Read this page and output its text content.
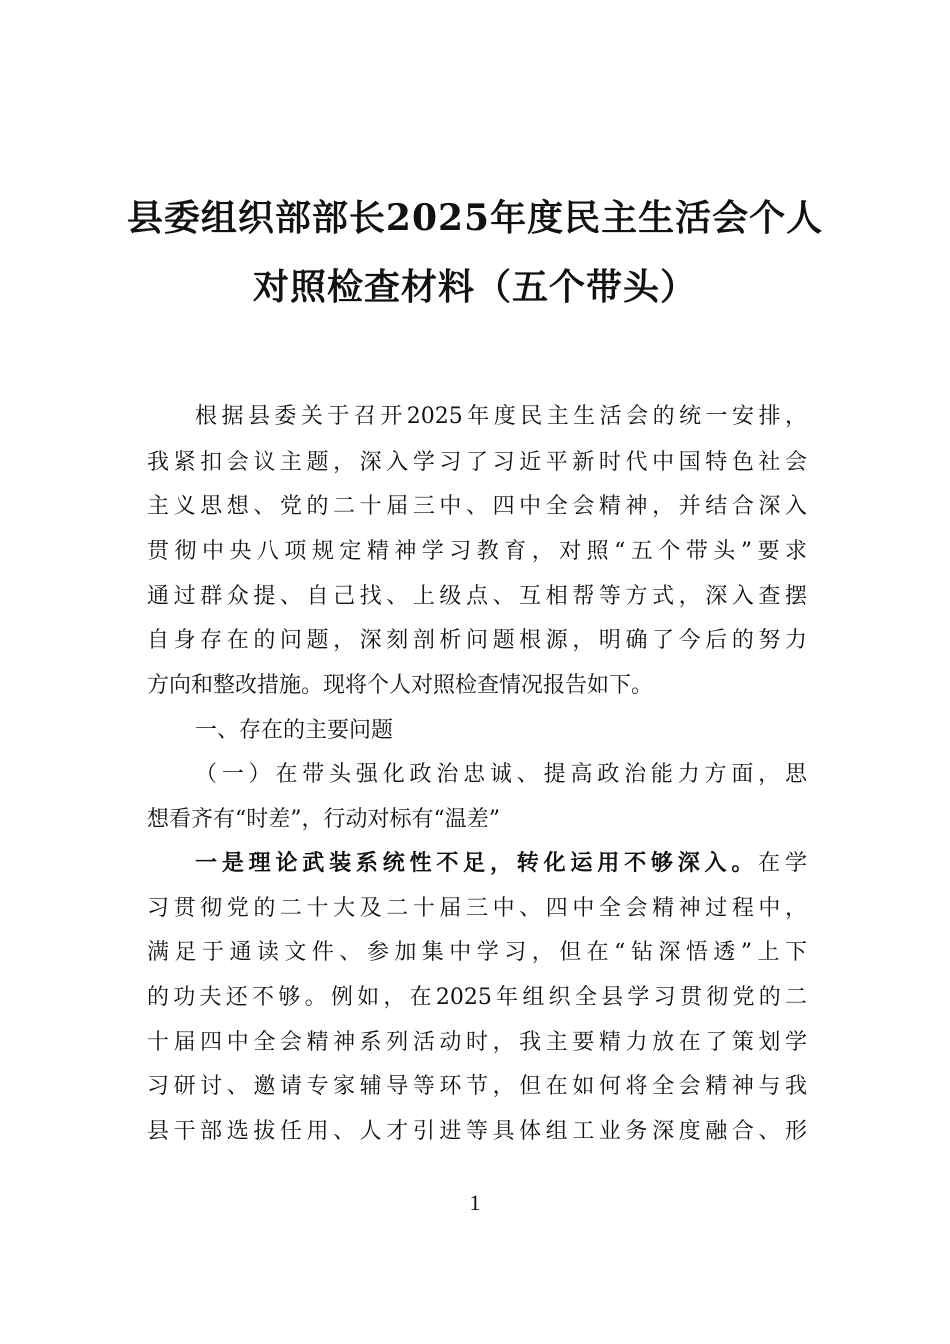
县委组织部部长2025年度民主生活会个人
对照检查材料（五个带头）
根据县委关于召开2025年度民主生活会的统一安排，
我紧扣会议主题，深入学习了习近平新时代中国特色社会
主义思想、党的二十届三中、四中全会精神，并结合深入
贯彻中央八项规定精神学习教育，对照“五个带头”要求
通过群众提、自己找、上级点、互相帮等方式，深入查摆
自身存在的问题，深刻剖析问题根源，明确了今后的努力
方向和整改措施。现将个人对照检查情况报告如下。
一、存在的主要问题
（一）在带头强化政治忠诚、提高政治能力方面，思
想看齐有“时差”，行动对标有“温差”
一是理论武装系统性不足，转化运用不够深入。在学
习贯彻党的二十大及二十届三中、四中全会精神过程中，
满足于通读文件、参加集中学习，但在“钻深悟透”上下
的功夫还不够。例如，在2025年组织全县学习贯彻党的二
十届四中全会精神系列活动时，我主要精力放在了策划学
习研讨、邀请专家辅导等环节，但在如何将全会精神与我
县干部选拔任用、人才引进等具体组工业务深度融合、形
1
